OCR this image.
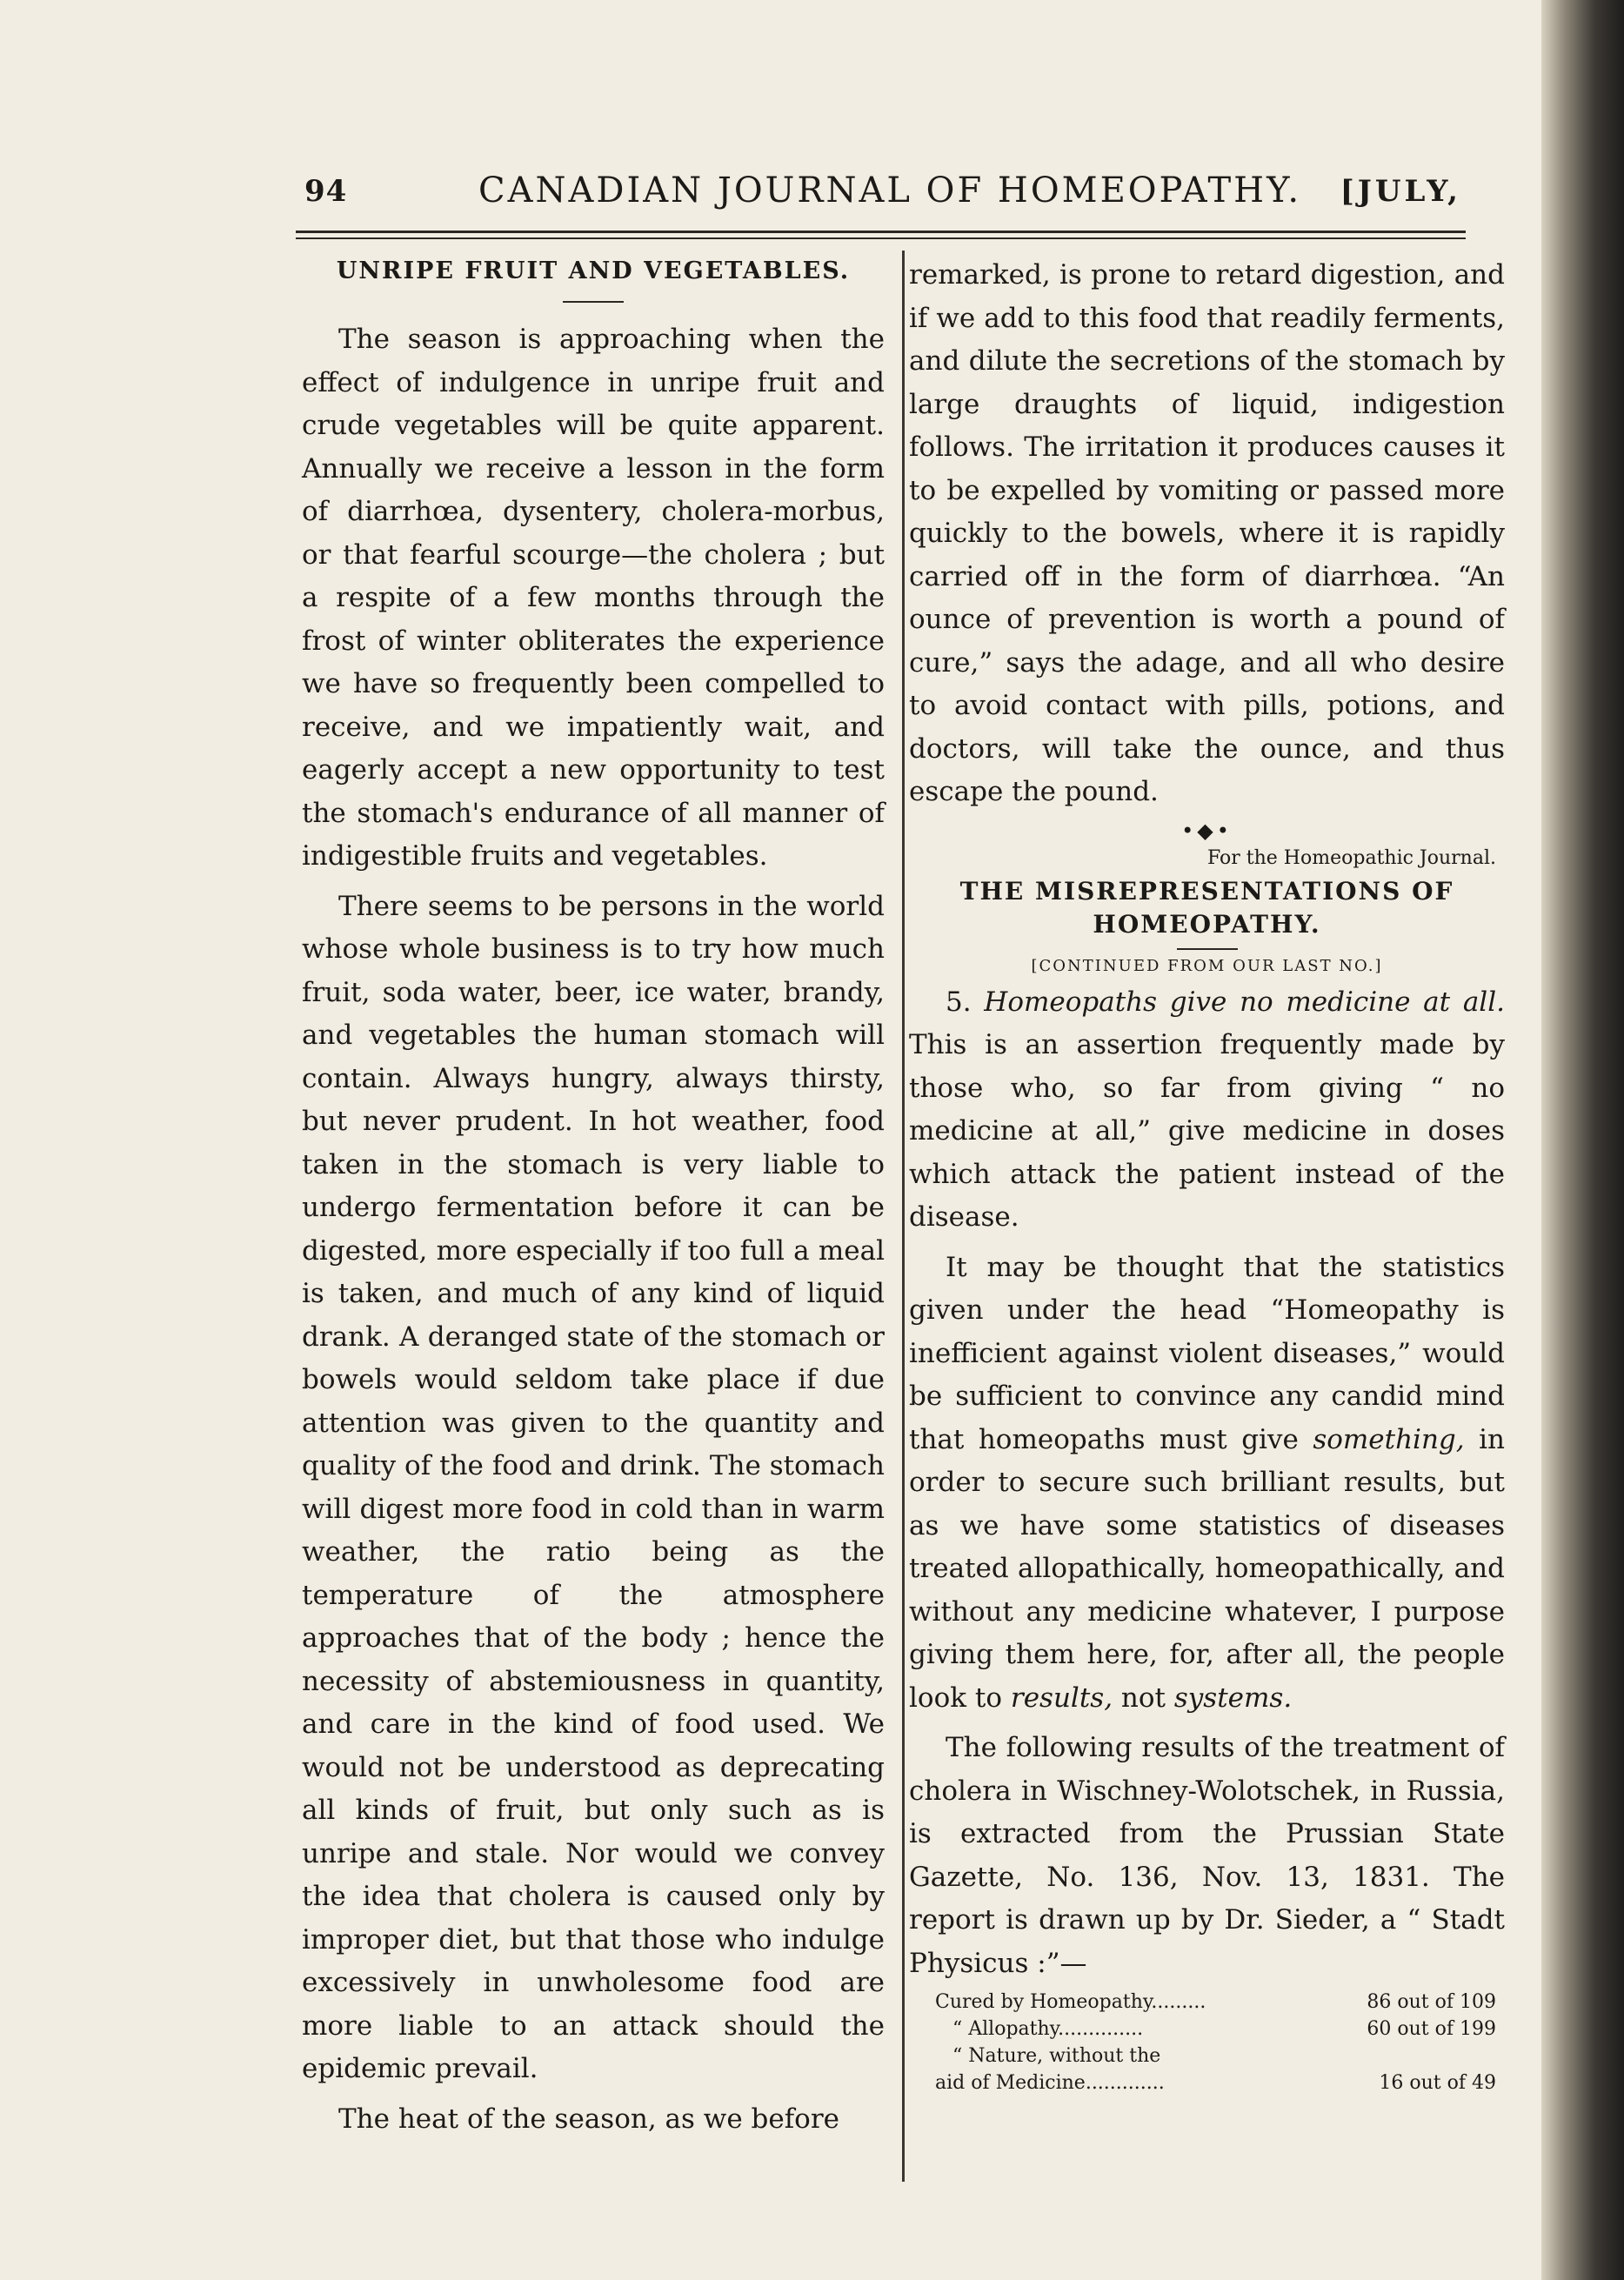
94	CANADIAN JOURNAL OF HOMEOPATHY. [JULY,

UNRIPE FRUIT AND VEGETABLES.

The season is approaching when the effect of indulgence in unripe fruit and crude vegetables will be quite apparent. Annually we receive a lesson in the form of diarrhœa, dysentery, cholera-morbus, or that fearful scourge—the cholera ; but a respite of a few months through the frost of winter obliterates the experience we have so frequently been compelled to receive, and we impatiently wait, and eagerly accept a new opportunity to test the stomach's endurance of all manner of indigestible fruits and vegetables.

There seems to be persons in the world whose whole business is to try how much fruit, soda water, beer, ice water, brandy, and vegetables the human stomach will contain. Always hungry, always thirsty, but never prudent. In hot weather, food taken in the stomach is very liable to undergo fermentation before it can be digested, more especially if too full a meal is taken, and much of any kind of liquid drank. A deranged state of the stomach or bowels would seldom take place if due attention was given to the quantity and quality of the food and drink. The stomach will digest more food in cold than in warm weather, the ratio being as the temperature of the atmosphere approaches that of the body ; hence the necessity of abstemiousness in quantity, and care in the kind of food used. We would not be understood as deprecating all kinds of fruit, but only such as is unripe and stale. Nor would we convey the idea that cholera is caused only by improper diet, but that those who indulge excessively in unwholesome food are more liable to an attack should the epidemic prevail.

The heat of the season, as we before

remarked, is prone to retard digestion, and if we add to this food that readily ferments, and dilute the secretions of the stomach by large draughts of liquid, indigestion follows. The irritation it produces causes it to be expelled by vomiting or passed more quickly to the bowels, where it is rapidly carried off in the form of diarrhœa. “An ounce of prevention is worth a pound of cure,” says the adage, and all who desire to avoid contact with pills, potions, and doctors, will take the ounce, and thus escape the pound.

•◆•

For the Homeopathic Journal.

THE MISREPRESENTATIONS OF HOMEOPATHY.

[CONTINUED FROM OUR LAST NO.]

5. Homeopaths give no medicine at all. This is an assertion frequently made by those who, so far from giving “ no medicine at all,” give medicine in doses which attack the patient instead of the disease.

It may be thought that the statistics given under the head “Homeopathy is inefficient against violent diseases,” would be sufficient to convince any candid mind that homeopaths must give something, in order to secure such brilliant results, but as we have some statistics of diseases treated allopathically, homeopathically, and without any medicine whatever, I purpose giving them here, for, after all, the people look to results, not systems.

The following results of the treatment of cholera in Wischney-Wolotschek, in Russia, is extracted from the Prussian State Gazette, No. 136, Nov. 13, 1831. The report is drawn up by Dr. Sieder, a “ Stadt Physicus :”—

Cured by Homeopathy.........	86 out of 109
“ Allopathy..............	60 out of 199
“ Nature, without the
aid of Medicine.............	16 out of 49
